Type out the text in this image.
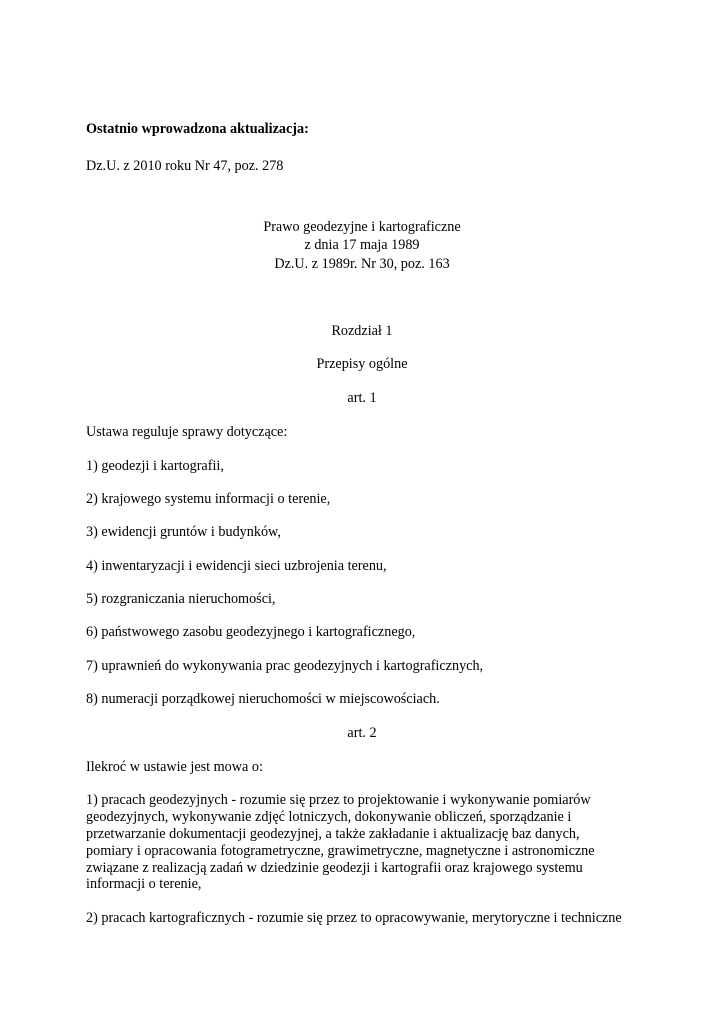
Ostatnio wprowadzona aktualizacja:
Dz.U. z 2010 roku Nr 47, poz. 278
Prawo geodezyjne i kartograficzne
z dnia 17 maja 1989
Dz.U. z 1989r. Nr 30, poz. 163
Rozdział 1
Przepisy ogólne
art. 1
Ustawa reguluje sprawy dotyczące:
1) geodezji i kartografii,
2) krajowego systemu informacji o terenie,
3) ewidencji gruntów i budynków,
4) inwentaryzacji i ewidencji sieci uzbrojenia terenu,
5) rozgraniczania nieruchomości,
6) państwowego zasobu geodezyjnego i kartograficznego,
7) uprawnień do wykonywania prac geodezyjnych i kartograficznych,
8) numeracji porządkowej nieruchomości w miejscowościach.
art. 2
Ilekroć w ustawie jest mowa o:
1) pracach geodezyjnych - rozumie się przez to projektowanie i wykonywanie pomiarów
geodezyjnych, wykonywanie zdjęć lotniczych, dokonywanie obliczeń, sporządzanie i
przetwarzanie dokumentacji geodezyjnej, a także zakładanie i aktualizację baz danych,
pomiary i opracowania fotogrametryczne, grawimetryczne, magnetyczne i astronomiczne
związane z realizacją zadań w dziedzinie geodezji i kartografii oraz krajowego systemu
informacji o terenie,
2) pracach kartograficznych - rozumie się przez to opracowywanie, merytoryczne i techniczne
